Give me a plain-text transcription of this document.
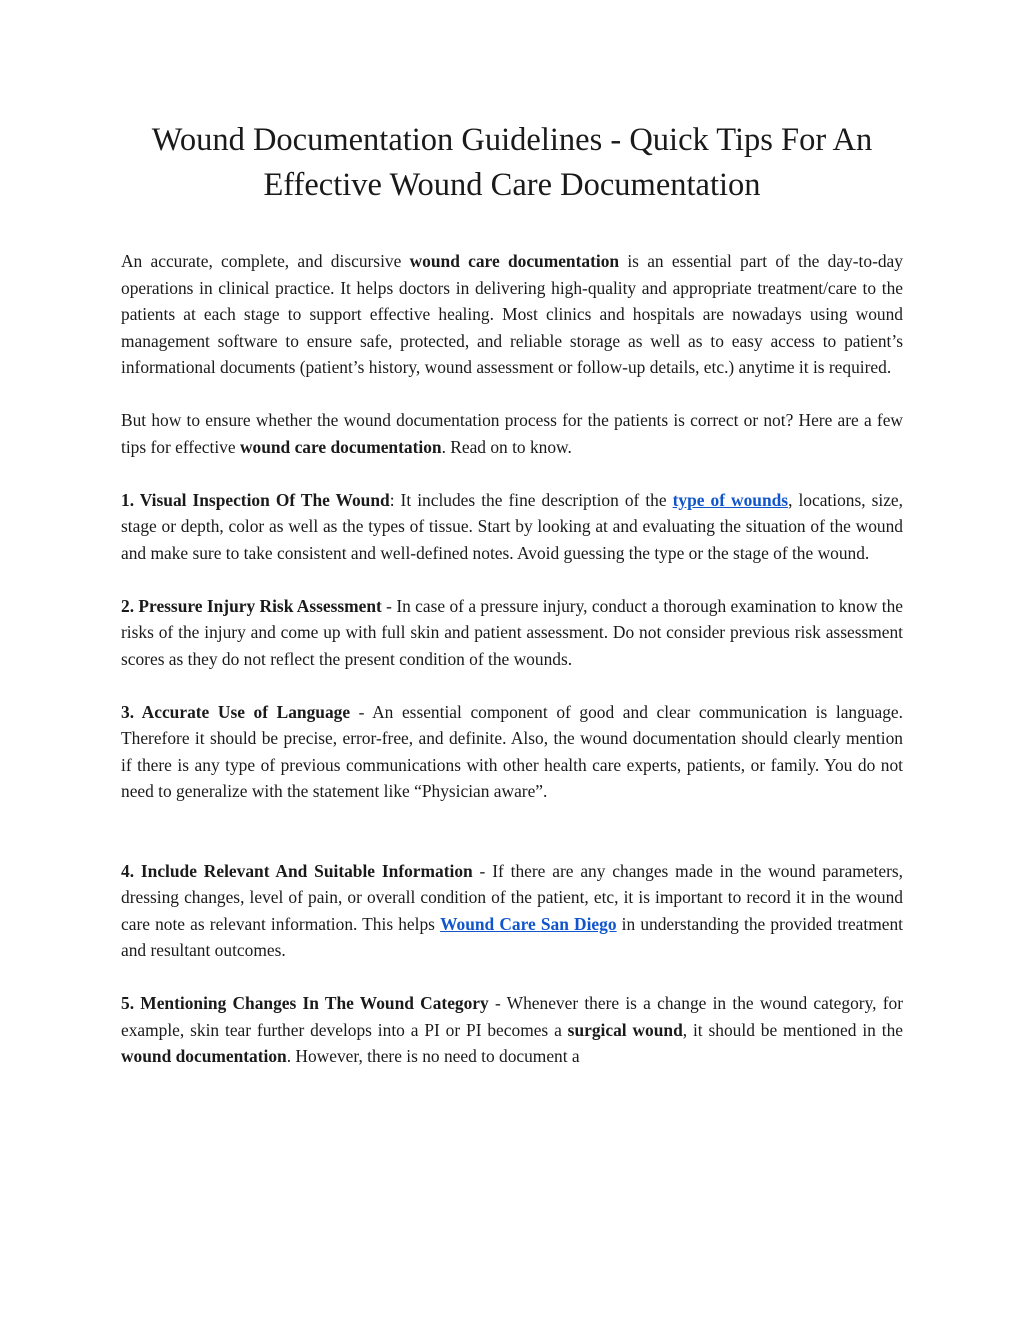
Wound Documentation Guidelines - Quick Tips For An
Effective Wound Care Documentation

An accurate, complete, and discursive wound care documentation is an essential part of the day-to-day operations in clinical practice. It helps doctors in delivering high-quality and appropriate treatment/care to the patients at each stage to support effective healing. Most clinics and hospitals are nowadays using wound management software to ensure safe, protected, and reliable storage as well as to easy access to patient’s informational documents (patient’s history, wound assessment or follow-up details, etc.) anytime it is required.

But how to ensure whether the wound documentation process for the patients is correct or not? Here are a few tips for effective wound care documentation. Read on to know.

1. Visual Inspection Of The Wound: It includes the fine description of the type of wounds, locations, size, stage or depth, color as well as the types of tissue. Start by looking at and evaluating the situation of the wound and make sure to take consistent and well-defined notes. Avoid guessing the type or the stage of the wound.

2. Pressure Injury Risk Assessment - In case of a pressure injury, conduct a thorough examination to know the risks of the injury and come up with full skin and patient assessment. Do not consider previous risk assessment scores as they do not reflect the present condition of the wounds.

3. Accurate Use of Language - An essential component of good and clear communication is language. Therefore it should be precise, error-free, and definite. Also, the wound documentation should clearly mention if there is any type of previous communications with other health care experts, patients, or family. You do not need to generalize with the statement like “Physician aware”.

4. Include Relevant And Suitable Information - If there are any changes made in the wound parameters, dressing changes, level of pain, or overall condition of the patient, etc, it is important to record it in the wound care note as relevant information. This helps Wound Care San Diego in understanding the provided treatment and resultant outcomes.

5. Mentioning Changes In The Wound Category - Whenever there is a change in the wound category, for example, skin tear further develops into a PI or PI becomes a surgical wound, it should be mentioned in the wound documentation. However, there is no need to document a
